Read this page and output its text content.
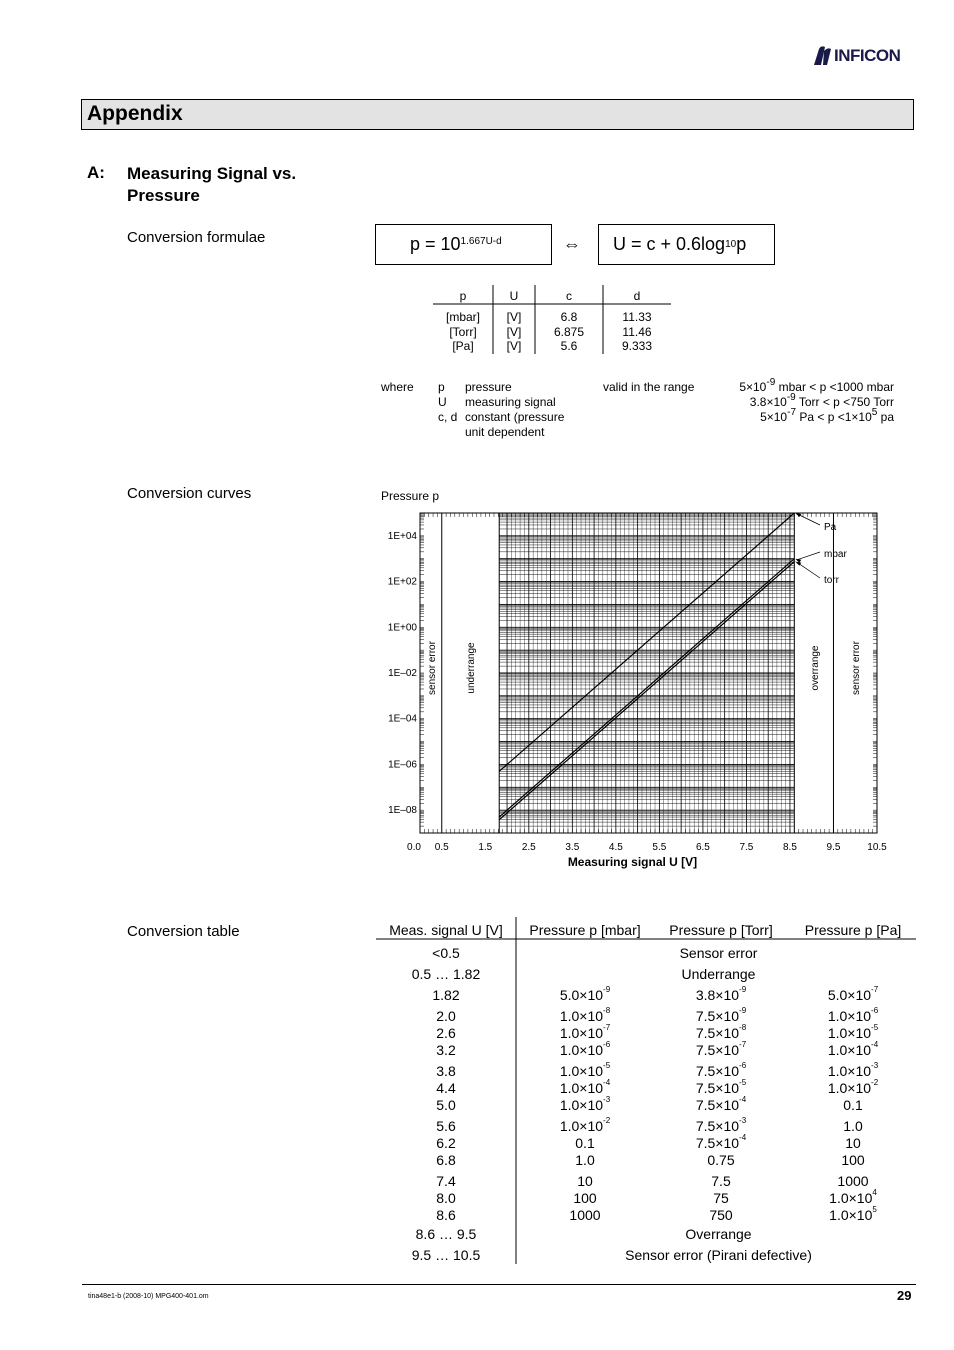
INFICON
Appendix
A: Measuring Signal vs.
Pressure
Conversion formulae	$p = 10^{1.667U-d}$	⇔ U = c + 0.6log 10 p
p	U	c	d
[mbar]	[V]	6.8	11.33
[Torr]	[V]	6.875	11.46
[Pa]	[V]	5.6	9.333
where p pressure
U measuring signal
c, d constant (pressure
unit dependent
valid in the range	$5\times 10^{-9}$ mbar < p <1000 mbar
$3.8\times 10^{-9}$ Torr < p <750 Torr
$5\times 10^{-7}$ $Pa < p <1\times 10^5$ pa
Conversion curves	Pressure p
Pa
mbar
torr
1E+04
1E+02
1E+00
1E–02
1E–04
1E–06
1E–08
0.0 0.5	1.5	2.5	3.5	4.5	5.5	6.5	7.5	8.5	9.5	10.5
Measuring signal U [V]
sensor error	underrange	overrange	sensor error
Conversion table	Meas. signal U [V]	Pressure p [mbar]	Pressure p [Torr]	Pressure p [Pa]
<0.5	Sensor error
0.5 … 1.82	Underrange
1.82	$5.0\times 10^{-9}$	$3.8\times 10^{-9}$	$5.0\times 10^{-7}$
2.0	$1.0\times 10^{-8}$	$7.5\times 10^{-9}$	$1.0\times 10^{-6}$
2.6	$1.0\times 10^{-7}$	$7.5\times 10^{-8}$	$1.0\times 10^{-5}$
3.2	$1.0\times 10^{-6}$	$7.5\times 10^{-7}$	$1.0\times 10^{-4}$
3.8	$1.0\times 10^{-5}$	$7.5\times 10^{-6}$	$1.0\times 10^{-3}$
4.4	$1.0\times 10^{-4}$	$7.5\times 10^{-5}$	$1.0\times 10^{-2}$
5.0	$1.0\times 10^{-3}$	$7.5\times 10^{-4}$	0.1
5.6	$1.0\times 10^{-2}$	$7.5\times 10^{-3}$	1.0
6.2	0.1	$7.5\times 10^{-4}$	10
6.8	1.0	0.75	100
7.4	10	7.5	1000
8.0	100	75	$1.0\times 10^4$
8.6	1000	750	$1.0\times 10^5$
8.6 … 9.5	Overrange
9.5 … 10.5	Sensor error (Pirani defective)
tina48e1-b (2008-10) MPG400-401.om	29
